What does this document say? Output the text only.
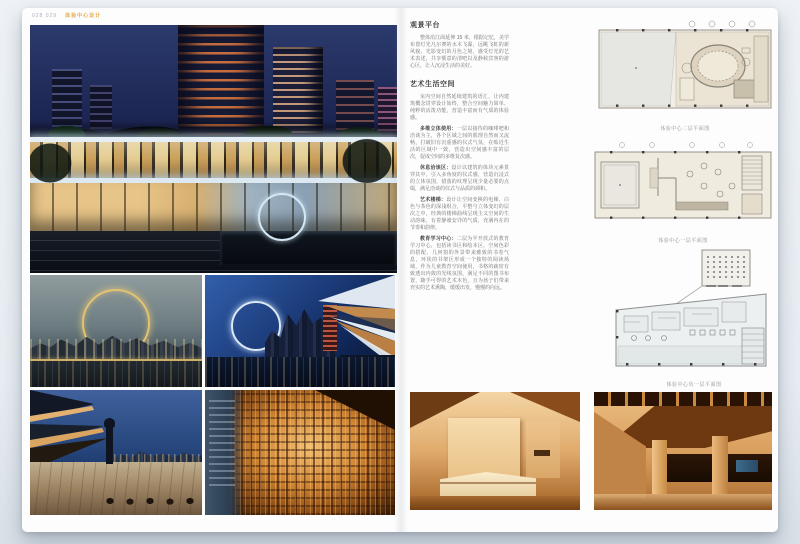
028 029 体验中心设计
观景平台

整体沿江面延伸 15 米，根据记忆，美学布置灯光凡尔赛的水木飞瀑，远眺飞虹的新风貌、光影变幻的月色之境，感受灯光的艺术表述，共享惬意的清吧以及静候宾客的游心区，让人沉浸生活的美好。

艺术生活空间

室内空间自然延续建筑的语汇，让内建筑概念贯穿设计始终，整合空间魅力简单、纯粹的活泼功能，营造丰富而有气质的体验感。

多维立体使用：一层以接待的咖啡吧和洽谈为主，各个区域之间的肌理自然而又流畅，打破旧有沉重感的仪式气氛，在贴近生活的区域中一致，营造出空间感丰富的层次，促成空间的多维复次感。

休息洽谈区：设计以建筑的体块元素贯穿其中，引入多角度的仪式感，营造沉浸式的立体氛围，错落的纹理呈现少量必要的点缀，满足洽谈的仪式与品质的调和。

艺术楼梯：设计让空间变换的电梯，白色与茶色的深浅组合，平整与立体变幻的层次之中，经典的楼梯曲线呈现主义空间的生动韵味，有着静谧安详的气质，充满内在的节奏和韵律。

教育学习中心：二层为半开放式的教育学习中心，包括读书区和绘本区，空间色彩的搭配、几何窗的外景带来雅致的书卷气息，环状的书架区形成一个独特的阅读场域，作为儿童教育空间使用，书格的疏密有致透出内敛的光线氛围，满足不同的图书布置，随手可得的艺术木色，且为孩子们带来充实的艺术熏陶，缓缓出发，慢慢的向远。

体验中心二层平面图
体验中心一层平面图
体验中心负一层平面图
